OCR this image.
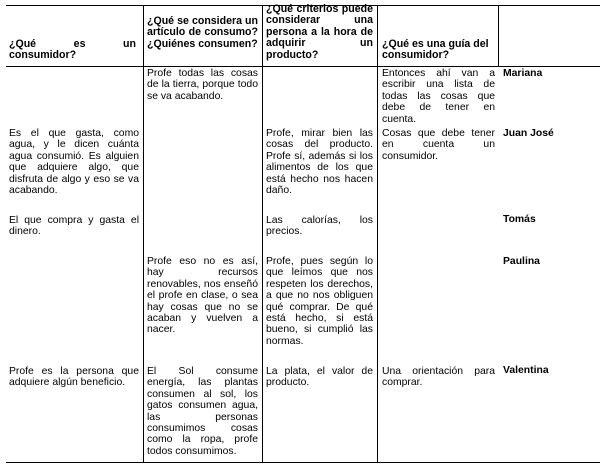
¿Qué es un consumidor?
¿Qué se considera un artículo de consumo? ¿Quiénes consumen?
¿Qué criterios puede considerar una persona a la hora de adquirir un producto?
¿Qué es una guía del consumidor?
Profe todas las cosas de la tierra, porque todo se va acabando.
Entonces ahí van a escribir una lista de todas las cosas que debe de tener en cuenta.
Mariana
Es el que gasta, como agua, y le dicen cuánta agua consumió. Es alguien que adquiere algo, que disfruta de algo y eso se va acabando.
Profe, mirar bien las cosas del producto. Profe sí, además si los alimentos de los que está hecho nos hacen daño.
Cosas que debe tener en cuenta un consumidor.
Juan José
El que compra y gasta el dinero.
Las calorías, los precios.
Tomás
Profe eso no es así, hay recursos renovables, nos enseñó el profe en clase, o sea hay cosas que no se acaban y vuelven a nacer.
Profe, pues según lo que leímos que nos respeten los derechos, a que no nos obliguen qué comprar. De qué está hecho, si está bueno, si cumplió las normas.
Paulina
Profe es la persona que adquiere algún beneficio.
El Sol consume energía, las plantas consumen al sol, los gatos consumen agua, las personas consumimos cosas como la ropa, profe todos consumimos.
La plata, el valor de producto.
Una orientación para comprar.
Valentina
